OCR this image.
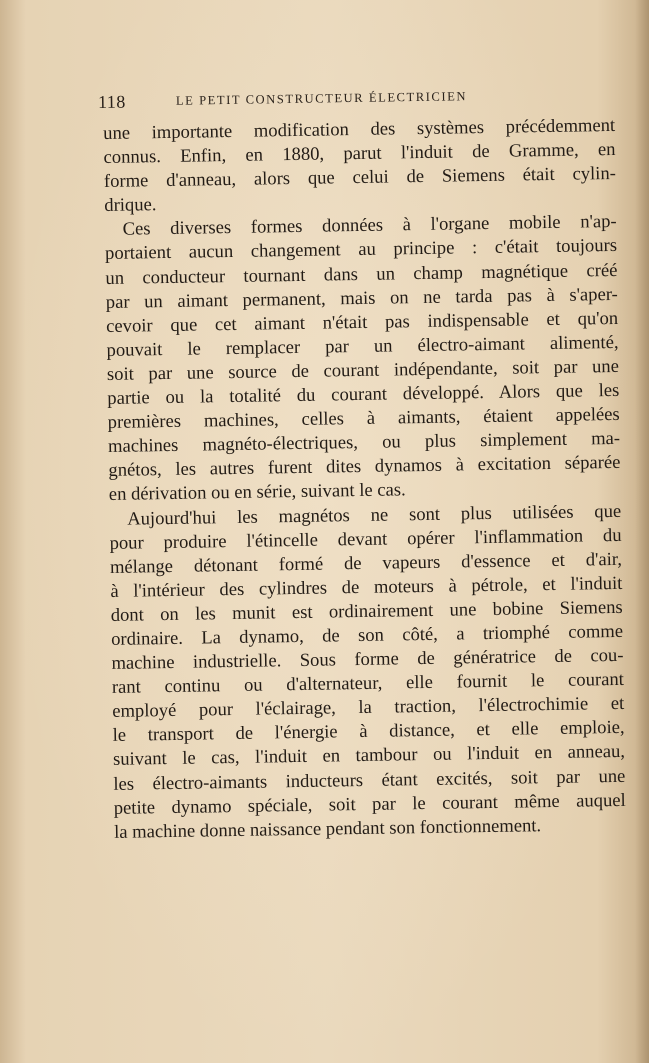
118	LE PETIT CONSTRUCTEUR ÉLECTRICIEN
une importante modification des systèmes précédemment
connus. Enfin, en 1880, parut l'induit de Gramme, en
forme d'anneau, alors que celui de Siemens était cylin-
drique.
Ces diverses formes données à l'organe mobile n'ap-
portaient aucun changement au principe : c'était toujours
un conducteur tournant dans un champ magnétique créé
par un aimant permanent, mais on ne tarda pas à s'aper-
cevoir que cet aimant n'était pas indispensable et qu'on
pouvait le remplacer par un électro-aimant alimenté,
soit par une source de courant indépendante, soit par une
partie ou la totalité du courant développé. Alors que les
premières machines, celles à aimants, étaient appelées
machines magnéto-électriques, ou plus simplement ma-
gnétos, les autres furent dites dynamos à excitation séparée
en dérivation ou en série, suivant le cas.
Aujourd'hui les magnétos ne sont plus utilisées que
pour produire l'étincelle devant opérer l'inflammation du
mélange détonant formé de vapeurs d'essence et d'air,
à l'intérieur des cylindres de moteurs à pétrole, et l'induit
dont on les munit est ordinairement une bobine Siemens
ordinaire. La dynamo, de son côté, a triomphé comme
machine industrielle. Sous forme de génératrice de cou-
rant continu ou d'alternateur, elle fournit le courant
employé pour l'éclairage, la traction, l'électrochimie et
le transport de l'énergie à distance, et elle emploie,
suivant le cas, l'induit en tambour ou l'induit en anneau,
les électro-aimants inducteurs étant excités, soit par une
petite dynamo spéciale, soit par le courant même auquel
la machine donne naissance pendant son fonctionnement.
